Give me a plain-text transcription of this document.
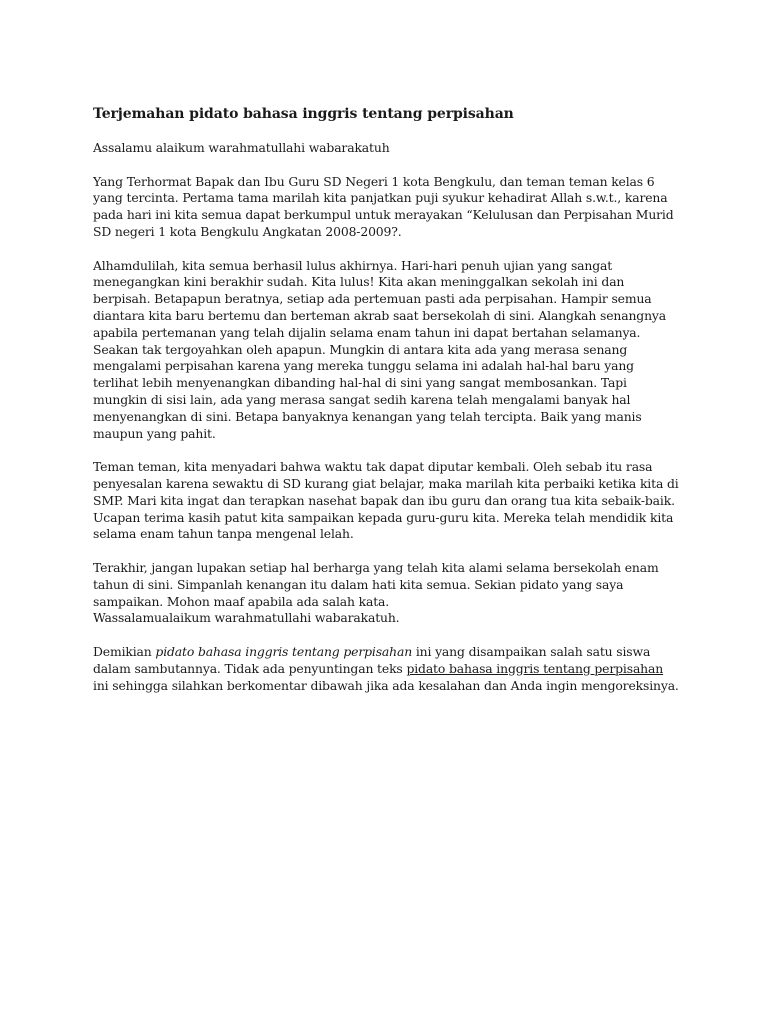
Terjemahan pidato bahasa inggris tentang perpisahan

Assalamu alaikum warahmatullahi wabarakatuh

Yang Terhormat Bapak dan Ibu Guru SD Negeri 1 kota Bengkulu, dan teman teman kelas 6 yang tercinta. Pertama tama marilah kita panjatkan puji syukur kehadirat Allah s.w.t., karena pada hari ini kita semua dapat berkumpul untuk merayakan “Kelulusan dan Perpisahan Murid SD negeri 1 kota Bengkulu Angkatan 2008-2009?.

Alhamdulilah, kita semua berhasil lulus akhirnya. Hari-hari penuh ujian yang sangat menegangkan kini berakhir sudah. Kita lulus! Kita akan meninggalkan sekolah ini dan berpisah. Betapapun beratnya, setiap ada pertemuan pasti ada perpisahan. Hampir semua diantara kita baru bertemu dan berteman akrab saat bersekolah di sini. Alangkah senangnya apabila pertemanan yang telah dijalin selama enam tahun ini dapat bertahan selamanya. Seakan tak tergoyahkan oleh apapun. Mungkin di antara kita ada yang merasa senang mengalami perpisahan karena yang mereka tunggu selama ini adalah hal-hal baru yang terlihat lebih menyenangkan dibanding hal-hal di sini yang sangat membosankan. Tapi mungkin di sisi lain, ada yang merasa sangat sedih karena telah mengalami banyak hal menyenangkan di sini. Betapa banyaknya kenangan yang telah tercipta. Baik yang manis maupun yang pahit.

Teman teman, kita menyadari bahwa waktu tak dapat diputar kembali. Oleh sebab itu rasa penyesalan karena sewaktu di SD kurang giat belajar, maka marilah kita perbaiki ketika kita di SMP. Mari kita ingat dan terapkan nasehat bapak dan ibu guru dan orang tua kita sebaik-baik. Ucapan terima kasih patut kita sampaikan kepada guru-guru kita. Mereka telah mendidik kita selama enam tahun tanpa mengenal lelah.

Terakhir, jangan lupakan setiap hal berharga yang telah kita alami selama bersekolah enam tahun di sini. Simpanlah kenangan itu dalam hati kita semua. Sekian pidato yang saya sampaikan. Mohon maaf apabila ada salah kata.

Wassalamualaikum warahmatullahi wabarakatuh.

Demikian pidato bahasa inggris tentang perpisahan ini yang disampaikan salah satu siswa dalam sambutannya. Tidak ada penyuntingan teks pidato bahasa inggris tentang perpisahan ini sehingga silahkan berkomentar dibawah jika ada kesalahan dan Anda ingin mengoreksinya.
